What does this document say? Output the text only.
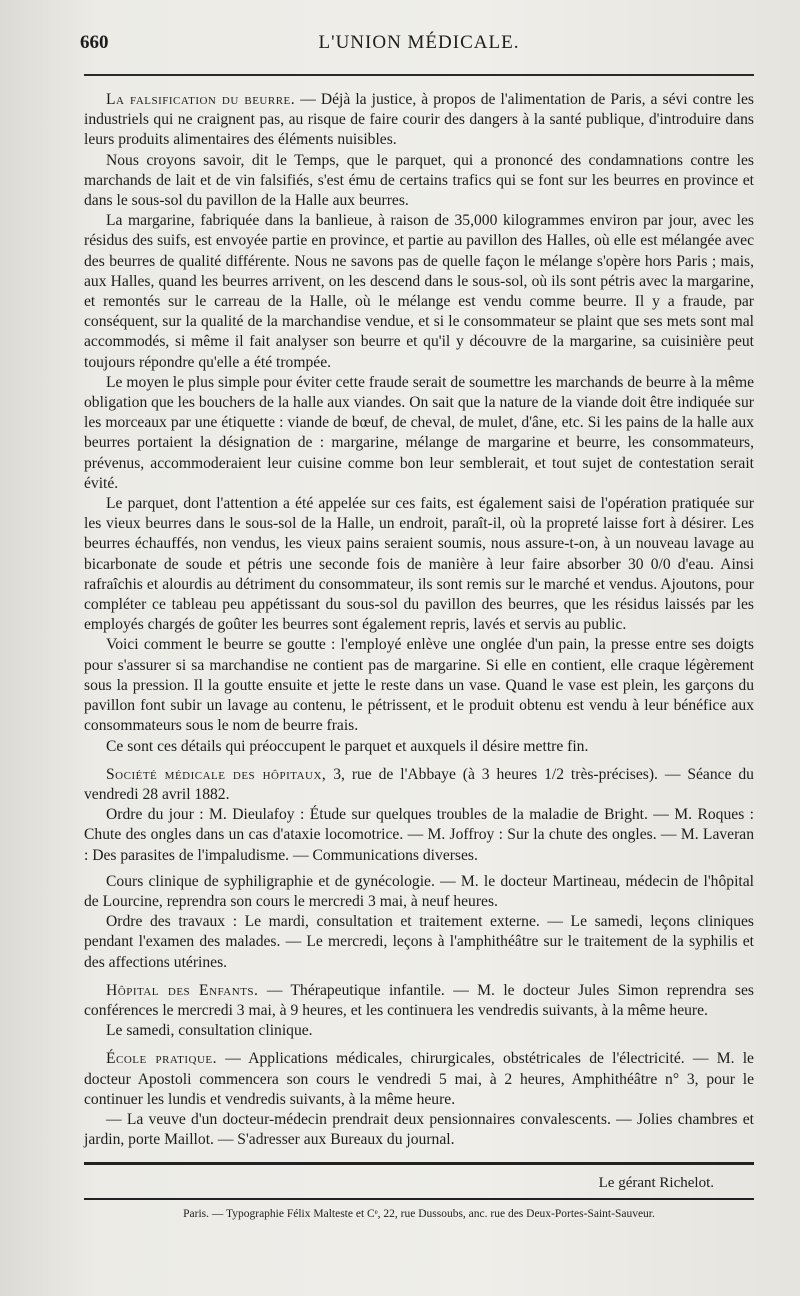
660	L'UNION MÉDICALE.

La falsification du beurre. — Déjà la justice, à propos de l'alimentation de Paris, a sévi contre les industriels qui ne craignent pas, au risque de faire courir des dangers à la santé publique, d'introduire dans leurs produits alimentaires des éléments nuisibles.

Nous croyons savoir, dit le Temps, que le parquet, qui a prononcé des condamnations contre les marchands de lait et de vin falsifiés, s'est ému de certains trafics qui se font sur les beurres en province et dans le sous-sol du pavillon de la Halle aux beurres.

La margarine, fabriquée dans la banlieue, à raison de 35,000 kilogrammes environ par jour, avec les résidus des suifs, est envoyée partie en province, et partie au pavillon des Halles, où elle est mélangée avec des beurres de qualité différente. Nous ne savons pas de quelle façon le mélange s'opère hors Paris ; mais, aux Halles, quand les beurres arrivent, on les descend dans le sous-sol, où ils sont pétris avec la margarine, et remontés sur le carreau de la Halle, où le mélange est vendu comme beurre. Il y a fraude, par conséquent, sur la qualité de la marchandise vendue, et si le consommateur se plaint que ses mets sont mal accommodés, si même il fait analyser son beurre et qu'il y découvre de la margarine, sa cuisinière peut toujours répondre qu'elle a été trompée.

Le moyen le plus simple pour éviter cette fraude serait de soumettre les marchands de beurre à la même obligation que les bouchers de la halle aux viandes. On sait que la nature de la viande doit être indiquée sur les morceaux par une étiquette : viande de bœuf, de cheval, de mulet, d'âne, etc. Si les pains de la halle aux beurres portaient la désignation de : margarine, mélange de margarine et beurre, les consommateurs, prévenus, accommoderaient leur cuisine comme bon leur semblerait, et tout sujet de contestation serait évité.

Le parquet, dont l'attention a été appelée sur ces faits, est également saisi de l'opération pratiquée sur les vieux beurres dans le sous-sol de la Halle, un endroit, paraît-il, où la propreté laisse fort à désirer. Les beurres échauffés, non vendus, les vieux pains seraient soumis, nous assure-t-on, à un nouveau lavage au bicarbonate de soude et pétris une seconde fois de manière à leur faire absorber 30 0/0 d'eau. Ainsi rafraîchis et alourdis au détriment du consommateur, ils sont remis sur le marché et vendus. Ajoutons, pour compléter ce tableau peu appétissant du sous-sol du pavillon des beurres, que les résidus laissés par les employés chargés de goûter les beurres sont également repris, lavés et servis au public.

Voici comment le beurre se goutte : l'employé enlève une onglée d'un pain, la presse entre ses doigts pour s'assurer si sa marchandise ne contient pas de margarine. Si elle en contient, elle craque légèrement sous la pression. Il la goutte ensuite et jette le reste dans un vase. Quand le vase est plein, les garçons du pavillon font subir un lavage au contenu, le pétrissent, et le produit obtenu est vendu à leur bénéfice aux consommateurs sous le nom de beurre frais.

Ce sont ces détails qui préoccupent le parquet et auxquels il désire mettre fin.

Société médicale des hôpitaux, 3, rue de l'Abbaye (à 3 heures 1/2 très-précises). — Séance du vendredi 28 avril 1882.

Ordre du jour : M. Dieulafoy : Étude sur quelques troubles de la maladie de Bright. — M. Roques : Chute des ongles dans un cas d'ataxie locomotrice. — M. Joffroy : Sur la chute des ongles. — M. Laveran : Des parasites de l'impaludisme. — Communications diverses.

Cours clinique de syphiligraphie et de gynécologie. — M. le docteur Martineau, médecin de l'hôpital de Lourcine, reprendra son cours le mercredi 3 mai, à neuf heures.

Ordre des travaux : Le mardi, consultation et traitement externe. — Le samedi, leçons cliniques pendant l'examen des malades. — Le mercredi, leçons à l'amphithéâtre sur le traitement de la syphilis et des affections utérines.

Hôpital des Enfants. — Thérapeutique infantile. — M. le docteur Jules Simon reprendra ses conférences le mercredi 3 mai, à 9 heures, et les continuera les vendredis suivants, à la même heure.

Le samedi, consultation clinique.

École pratique. — Applications médicales, chirurgicales, obstétricales de l'électricité. — M. le docteur Apostoli commencera son cours le vendredi 5 mai, à 2 heures, Amphithéâtre n° 3, pour le continuer les lundis et vendredis suivants, à la même heure.

— La veuve d'un docteur-médecin prendrait deux pensionnaires convalescents. — Jolies chambres et jardin, porte Maillot. — S'adresser aux Bureaux du journal.

Le gérant Richelot.
Paris. — Typographie Félix Malteste et Cᵉ, 22, rue Dussoubs, anc. rue des Deux-Portes-Saint-Sauveur.
